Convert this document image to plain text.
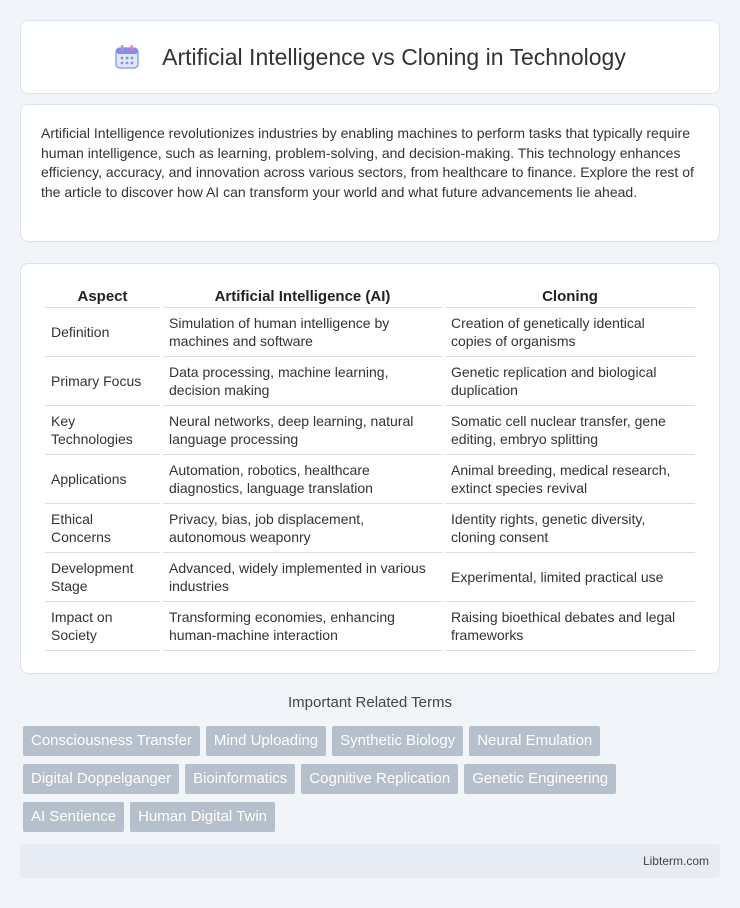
Artificial Intelligence vs Cloning in Technology

Artificial Intelligence revolutionizes industries by enabling machines to perform tasks that typically require human intelligence, such as learning, problem-solving, and decision-making. This technology enhances efficiency, accuracy, and innovation across various sectors, from healthcare to finance. Explore the rest of the article to discover how AI can transform your world and what future advancements lie ahead.

Aspect	Artificial Intelligence (AI)	Cloning
Definition	Simulation of human intelligence by machines and software	Creation of genetically identical copies of organisms
Primary Focus	Data processing, machine learning, decision making	Genetic replication and biological duplication
Key Technologies	Neural networks, deep learning, natural language processing	Somatic cell nuclear transfer, gene editing, embryo splitting
Applications	Automation, robotics, healthcare diagnostics, language translation	Animal breeding, medical research, extinct species revival
Ethical Concerns	Privacy, bias, job displacement, autonomous weaponry	Identity rights, genetic diversity, cloning consent
Development Stage	Advanced, widely implemented in various industries	Experimental, limited practical use
Impact on Society	Transforming economies, enhancing human-machine interaction	Raising bioethical debates and legal frameworks
Important Related Terms
Consciousness Transfer	Mind Uploading	Synthetic Biology	Neural Emulation
Digital Doppelganger	Bioinformatics	Cognitive Replication	Genetic Engineering
AI Sentience	Human Digital Twin
Libterm.com
